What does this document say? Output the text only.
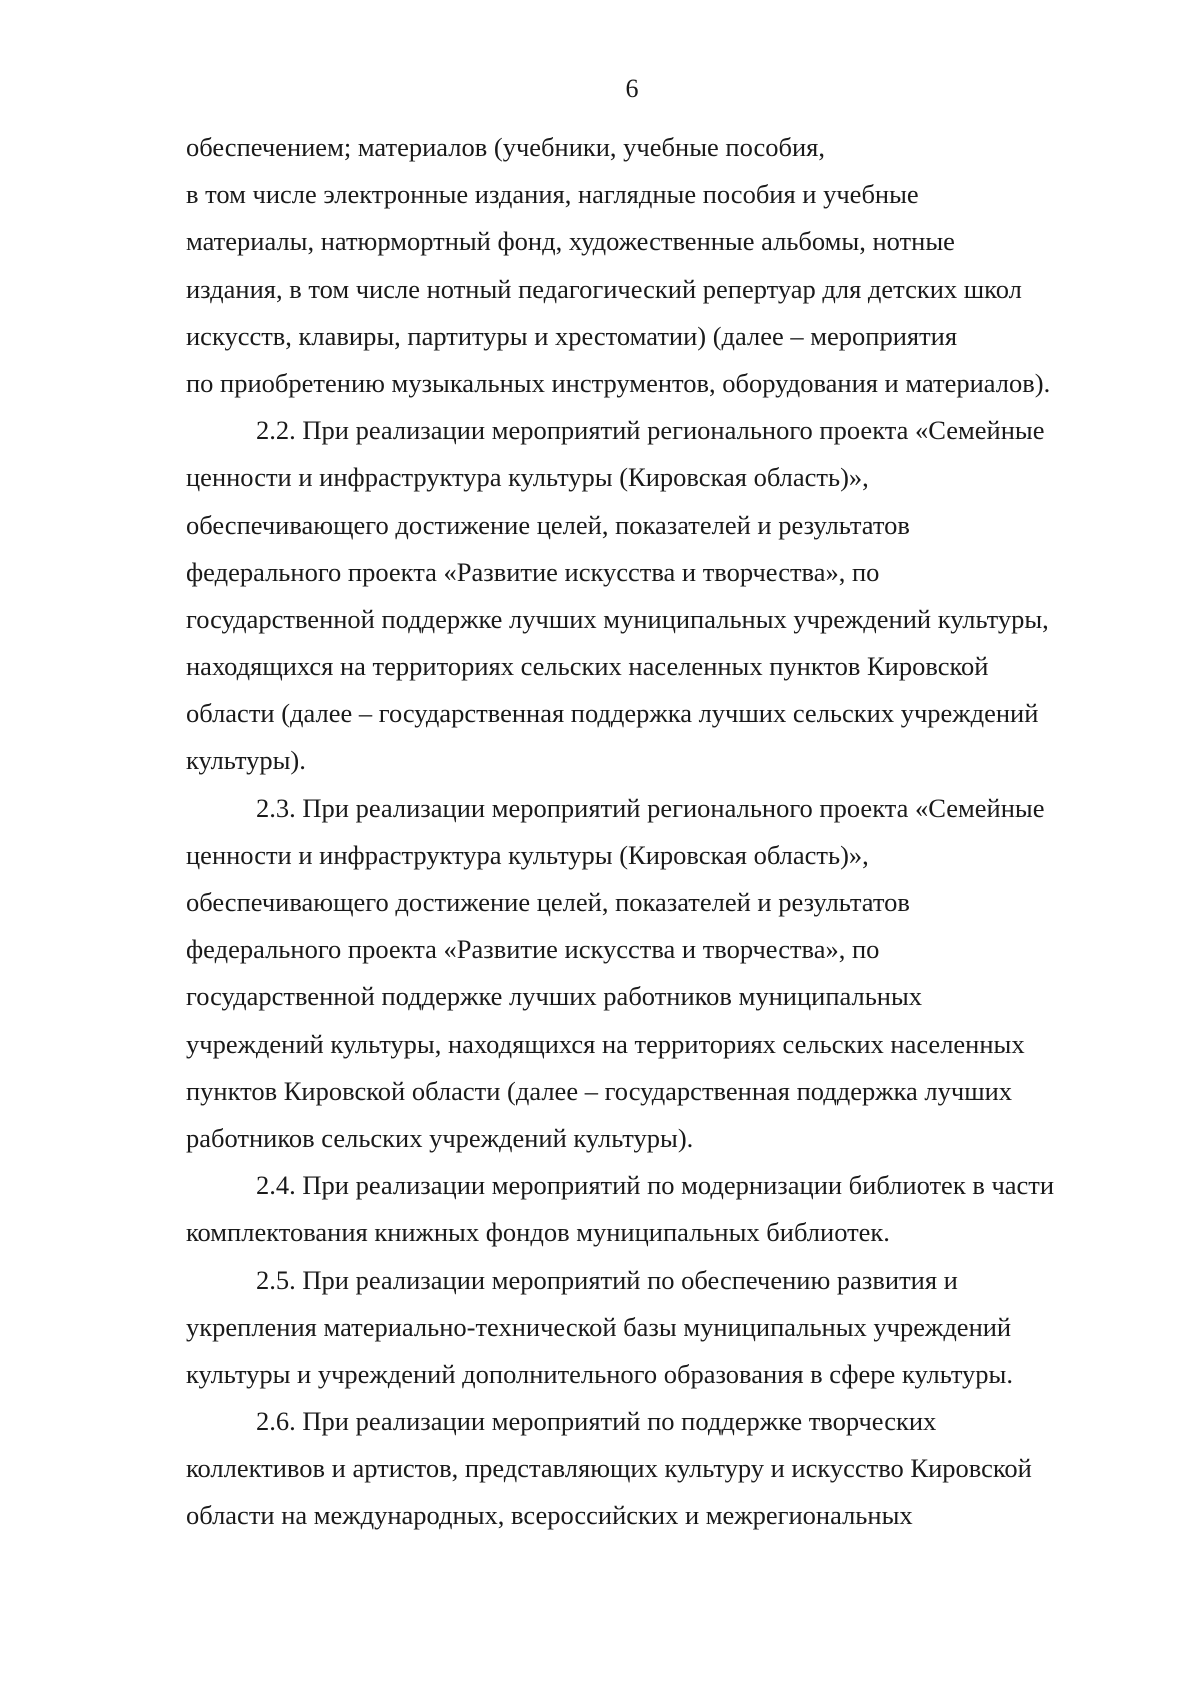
6
обеспечением; материалов (учебники, учебные пособия,
в том числе электронные издания, наглядные пособия и учебные
материалы, натюрмортный фонд, художественные альбомы, нотные
издания, в том числе нотный педагогический репертуар для детских школ
искусств, клавиры, партитуры и хрестоматии) (далее – мероприятия
по приобретению музыкальных инструментов, оборудования и материалов).
2.2. При реализации мероприятий регионального проекта «Семейные
ценности и инфраструктура культуры (Кировская область)»,
обеспечивающего достижение целей, показателей и результатов
федерального проекта «Развитие искусства и творчества», по
государственной поддержке лучших муниципальных учреждений культуры,
находящихся на территориях сельских населенных пунктов Кировской
области (далее – государственная поддержка лучших сельских учреждений
культуры).
2.3. При реализации мероприятий регионального проекта «Семейные
ценности и инфраструктура культуры (Кировская область)»,
обеспечивающего достижение целей, показателей и результатов
федерального проекта «Развитие искусства и творчества», по
государственной поддержке лучших работников муниципальных
учреждений культуры, находящихся на территориях сельских населенных
пунктов Кировской области (далее – государственная поддержка лучших
работников сельских учреждений культуры).
2.4. При реализации мероприятий по модернизации библиотек в части
комплектования книжных фондов муниципальных библиотек.
2.5. При реализации мероприятий по обеспечению развития и
укрепления материально-технической базы муниципальных учреждений
культуры и учреждений дополнительного образования в сфере культуры.
2.6. При реализации мероприятий по поддержке творческих
коллективов и артистов, представляющих культуру и искусство Кировской
области на международных, всероссийских и межрегиональных
